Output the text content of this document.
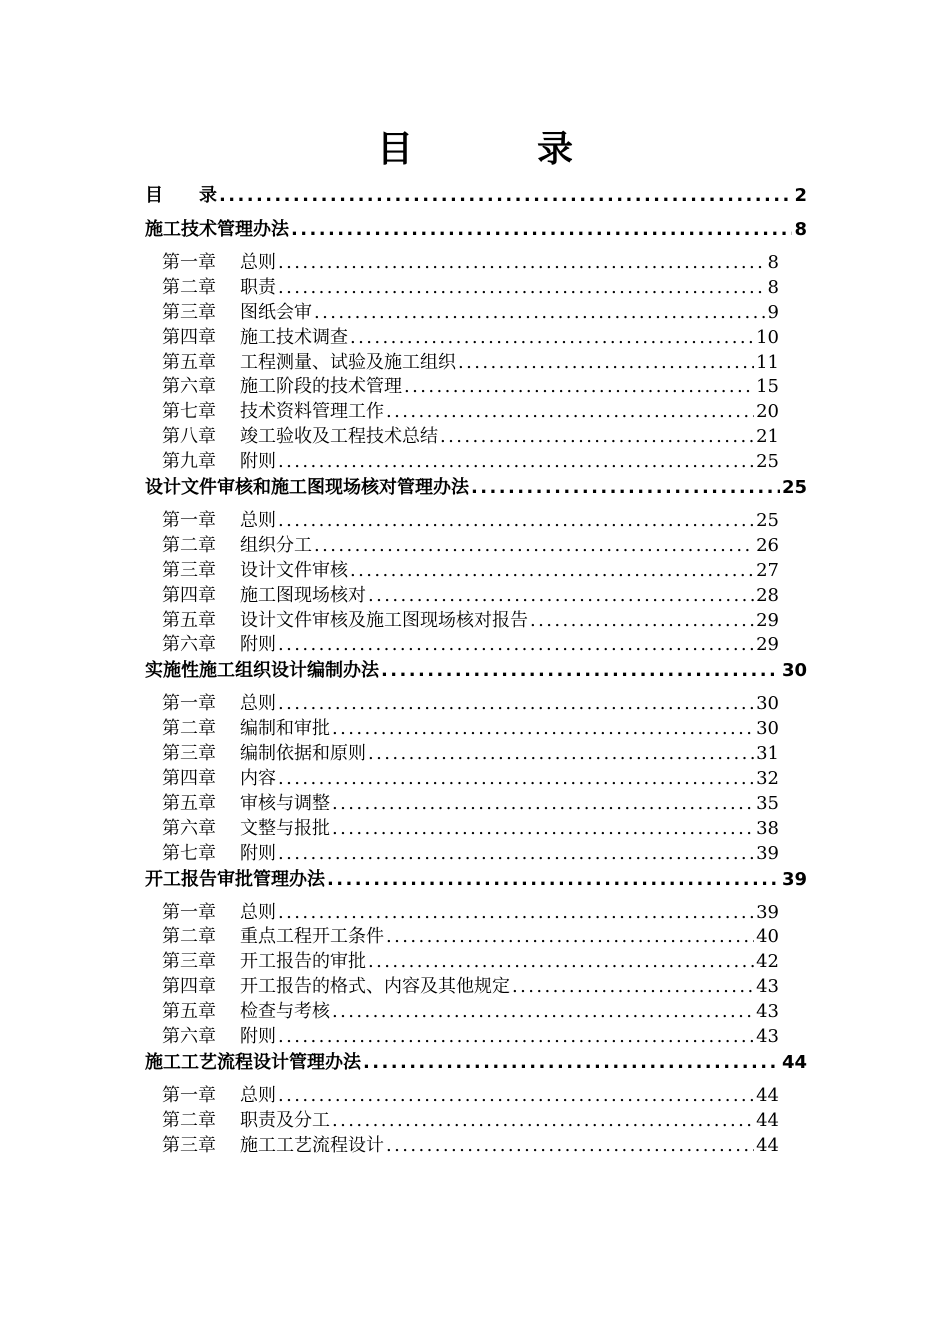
目　录
目　　录 .....	2
施工技术管理办法 .....	8
第一章 总则 .....	8
第二章 职责 .....	8
第三章 图纸会审 .....	9
第四章 施工技术调查 .....	10
第五章 工程测量、试验及施工组织 .....	11
第六章 施工阶段的技术管理 .....	15
第七章 技术资料管理工作 .....	20
第八章 竣工验收及工程技术总结 .....	21
第九章 附则 .....	25
设计文件审核和施工图现场核对管理办法 .....	25
第一章 总则 .....	25
第二章 组织分工 .....	26
第三章 设计文件审核 .....	27
第四章 施工图现场核对 .....	28
第五章 设计文件审核及施工图现场核对报告 .....	29
第六章 附则 .....	29
实施性施工组织设计编制办法 .....	30
第一章 总则 .....	30
第二章 编制和审批 .....	30
第三章 编制依据和原则 .....	31
第四章 内容 .....	32
第五章 审核与调整 .....	35
第六章 文整与报批 .....	38
第七章 附则 .....	39
开工报告审批管理办法 .....	39
第一章 总则 .....	39
第二章 重点工程开工条件 .....	40
第三章 开工报告的审批 .....	42
第四章 开工报告的格式、内容及其他规定 .....	43
第五章 检查与考核 .....	43
第六章 附则 .....	43
施工工艺流程设计管理办法 .....	44
第一章 总则 .....	44
第二章 职责及分工 .....	44
第三章 施工工艺流程设计 .....	44
